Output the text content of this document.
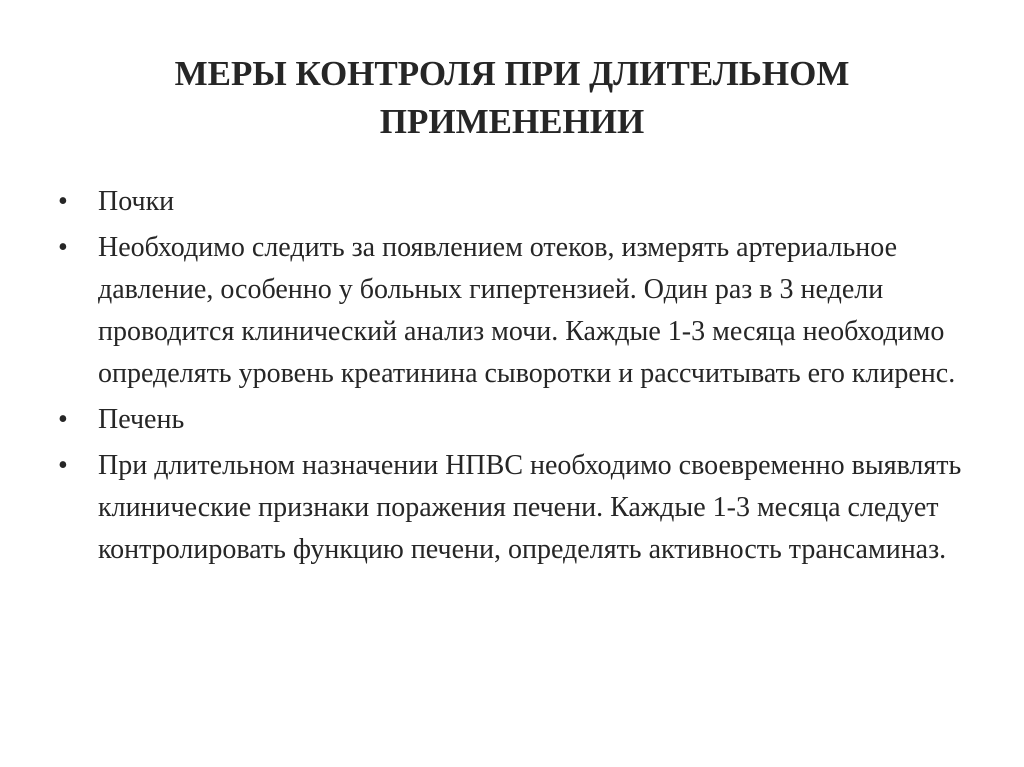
МЕРЫ КОНТРОЛЯ ПРИ ДЛИТЕЛЬНОМ
ПРИМЕНЕНИИ
•	Почки
•	Необходимо следить за появлением отеков, измерять артериальное давление, особенно у больных гипертензией. Один раз в 3 недели проводится клинический анализ мочи. Каждые 1-3 месяца необходимо определять уровень креатинина сыворотки и рассчитывать его клиренс.
•	Печень
•	При длительном назначении НПВС необходимо своевременно выявлять клинические признаки поражения печени. Каждые 1-3 месяца следует контролировать функцию печени, определять активность трансаминаз.
